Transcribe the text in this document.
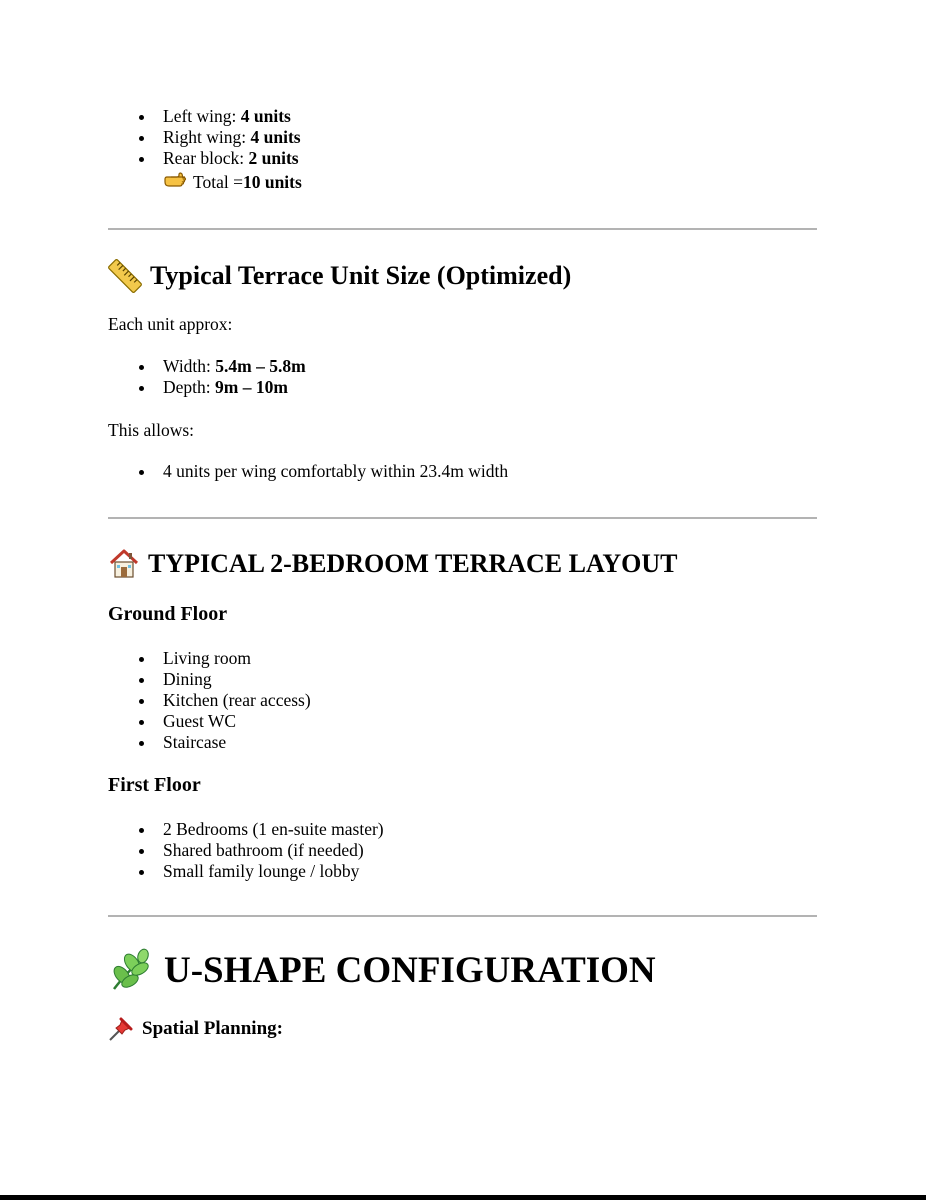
Left wing: 4 units
Right wing: 4 units
Rear block: 2 units
Total = 10 units
Typical Terrace Unit Size (Optimized)
Each unit approx:
Width: 5.4m – 5.8m
Depth: 9m – 10m
This allows:
4 units per wing comfortably within 23.4m width
TYPICAL 2-BEDROOM TERRACE LAYOUT
Ground Floor
Living room
Dining
Kitchen (rear access)
Guest WC
Staircase
First Floor
2 Bedrooms (1 en-suite master)
Shared bathroom (if needed)
Small family lounge / lobby
U-SHAPE CONFIGURATION
Spatial Planning:
